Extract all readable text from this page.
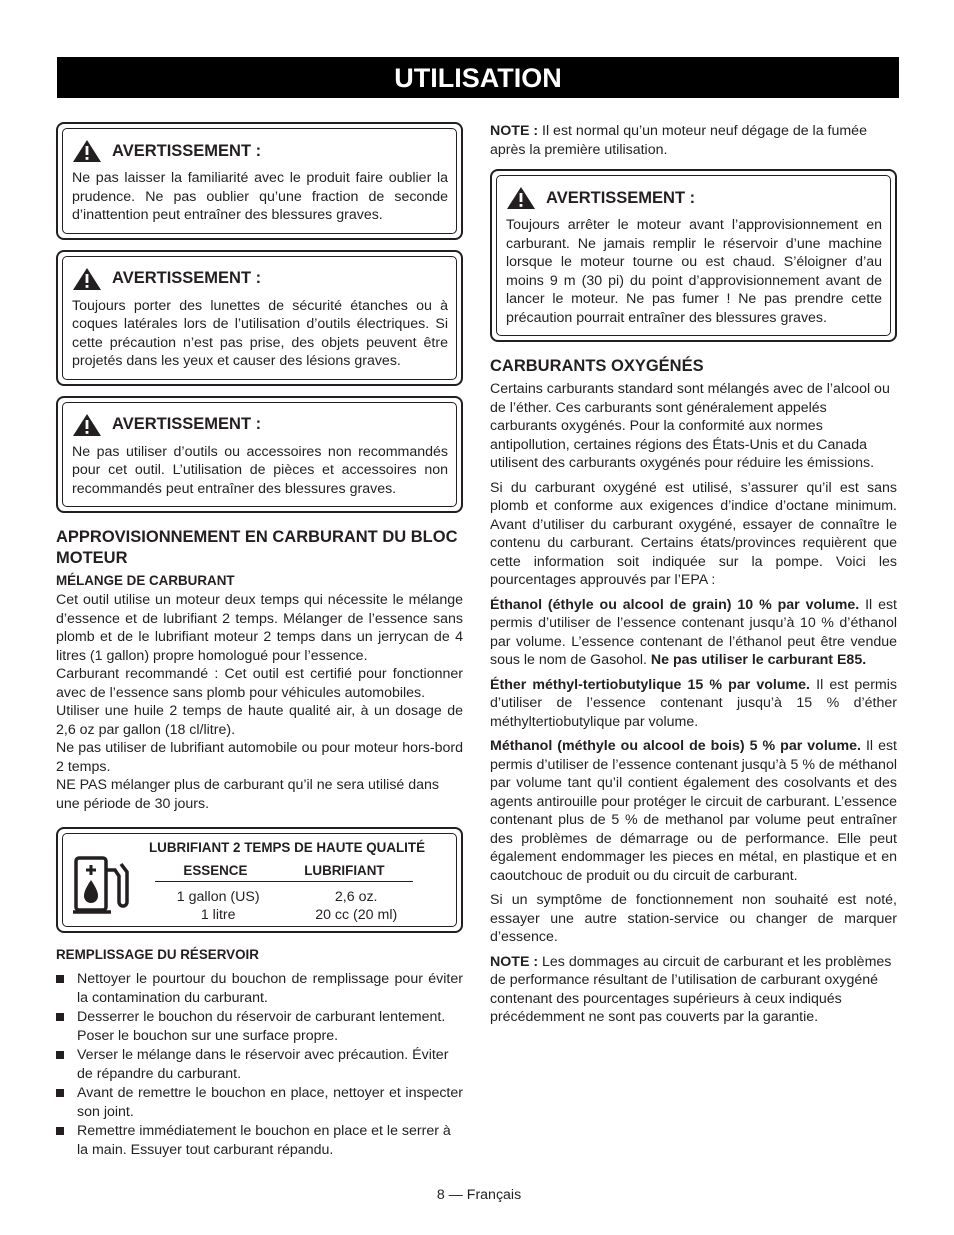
UTILISATION
AVERTISSEMENT :

Ne pas laisser la familiarité avec le produit faire oublier la prudence. Ne pas oublier qu’une fraction de seconde d’inattention peut entraîner des blessures graves.

AVERTISSEMENT :

Toujours porter des lunettes de sécurité étanches ou à coques latérales lors de l’utilisation d’outils électriques. Si cette précaution n’est pas prise, des objets peuvent être projetés dans les yeux et causer des lésions graves.

AVERTISSEMENT :

Ne pas utiliser d’outils ou accessoires non recommandés pour cet outil. L’utilisation de pièces et accessoires non recommandés peut entraîner des blessures graves.

APPROVISIONNEMENT EN CARBURANT DU BLOC MOTEUR
MÉLANGE DE CARBURANT

Cet outil utilise un moteur deux temps qui nécessite le mélange d’essence et de lubrifiant 2 temps. Mélanger de l’essence sans plomb et de le lubrifiant moteur 2 temps dans un jerrycan de 4 litres (1 gallon) propre homologué pour l’essence.

Carburant recommandé : Cet outil est certifié pour fonctionner avec de l’essence sans plomb pour véhicules automobiles.

Utiliser une huile 2 temps de haute qualité air, à un dosage de 2,6 oz par gallon (18 cl/litre).

Ne pas utiliser de lubrifiant automobile ou pour moteur hors-bord 2 temps.

NE PAS mélanger plus de carburant qu’il ne sera utilisé dans une période de 30 jours.

LUBRIFIANT 2 TEMPS DE HAUTE QUALITÉ
ESSENCE	LUBRIFIANT
1 gallon (US)
1 litre
2,6 oz.
20 cc (20 ml)
REMPLISSAGE DU RÉSERVOIR
Nettoyer le pourtour du bouchon de remplissage pour éviter la contamination du carburant.
Desserrer le bouchon du réservoir de carburant lentement. Poser le bouchon sur une surface propre.
Verser le mélange dans le réservoir avec précaution. Éviter de répandre du carburant.
Avant de remettre le bouchon en place, nettoyer et inspecter son joint.
Remettre immédiatement le bouchon en place et le serrer à la main. Essuyer tout carburant répandu.

NOTE : Il est normal qu’un moteur neuf dégage de la fumée après la première utilisation.

AVERTISSEMENT :

Toujours arrêter le moteur avant l’approvisionnement en carburant. Ne jamais remplir le réservoir d’une machine lorsque le moteur tourne ou est chaud. S’éloigner d’au moins 9 m (30 pi) du point d’approvisionnement avant de lancer le moteur. Ne pas fumer ! Ne pas prendre cette précaution pourrait entraîner des blessures graves.

CARBURANTS OXYGÉNÉS

Certains carburants standard sont mélangés avec de l’alcool ou de l’éther. Ces carburants sont généralement appelés carburants oxygénés. Pour la conformité aux normes antipollution, certaines régions des États-Unis et du Canada utilisent des carburants oxygénés pour réduire les émissions.

Si du carburant oxygéné est utilisé, s’assurer qu’il est sans plomb et conforme aux exigences d’indice d’octane minimum. Avant d’utiliser du carburant oxygéné, essayer de connaître le contenu du carburant. Certains états/provinces requièrent que cette information soit indiquée sur la pompe. Voici les pourcentages approuvés par l’EPA :

Éthanol (éthyle ou alcool de grain) 10 % par volume. Il est permis d’utiliser de l’essence contenant jusqu’à 10 % d’éthanol par volume. L’essence contenant de l’éthanol peut être vendue sous le nom de Gasohol. Ne pas utiliser le carburant E85.

Éther méthyl-tertiobutylique 15 % par volume. Il est permis d’utiliser de l’essence contenant jusqu’à 15 % d’éther méthyltertiobutylique par volume.

Méthanol (méthyle ou alcool de bois) 5 % par volume. Il est permis d’utiliser de l’essence contenant jusqu’à 5 % de méthanol par volume tant qu’il contient également des cosolvants et des agents antirouille pour protéger le circuit de carburant. L’essence contenant plus de 5 % de methanol par volume peut entraîner des problèmes de démarrage ou de performance. Elle peut également endommager les pieces en métal, en plastique et en caoutchouc de produit ou du circuit de carburant.

Si un symptôme de fonctionnement non souhaité est noté, essayer une autre station-service ou changer de marquer d’essence.

NOTE : Les dommages au circuit de carburant et les problèmes de performance résultant de l’utilisation de carburant oxygéné contenant des pourcentages supérieurs à ceux indiqués précédemment ne sont pas couverts par la garantie.

8 — Français
